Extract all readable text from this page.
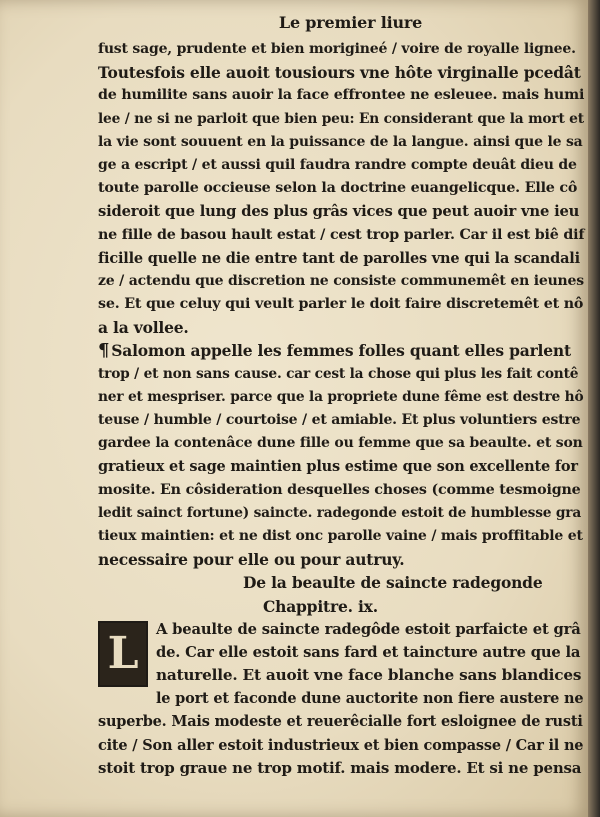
Le premier liure
fust sage, prudente et bien morigineé / voire de royalle lignee.
Toutesfois elle auoit tousiours vne hôte virginalle pcedât
de humilite sans auoir la face effrontee ne esleuee. mais humi
lee / ne si ne parloit que bien peu: En considerant que la mort et
la vie sont souuent en la puissance de la langue. ainsi que le sa
ge a escript / et aussi quil faudra randre compte deuât dieu de
toute parolle occieuse selon la doctrine euangelicque. Elle cô
sideroit que lung des plus grâs vices que peut auoir vne ieu
ne fille de basou hault estat / cest trop parler. Car il est biê dif
ficille quelle ne die entre tant de parolles vne qui la scandali
ze / actendu que discretion ne consiste communemêt en ieunes
se. Et que celuy qui veult parler le doit faire discretemêt et nô
a la vollee.
¶ Salomon appelle les femmes folles quant elles parlent
trop / et non sans cause. car cest la chose qui plus les fait contê
ner et mespriser. parce que la propriete dune fême est destre hô
teuse / humble / courtoise / et amiable. Et plus voluntiers estre
gardee la contenâce dune fille ou femme que sa beaulte. et son
gratieux et sage maintien plus estime que son excellente for
mosite. En côsideration desquelles choses (comme tesmoigne
ledit sainct fortune) saincte. radegonde estoit de humblesse gra
tieux maintien: et ne dist onc parolle vaine / mais proffitable et
necessaire pour elle ou pour autruy.
De la beaulte de saincte radegonde
Chappitre. ix.
L	A beaulte de saincte radegôde estoit parfaicte et grâ
de. Car elle estoit sans fard et taincture autre que la
naturelle. Et auoit vne face blanche sans blandices
le port et faconde dune auctorite non fiere austere ne
superbe. Mais modeste et reuerêcialle fort esloignee de rusti
cite / Son aller estoit industrieux et bien compasse / Car il ne
stoit trop graue ne trop motif. mais modere. Et si ne pensa
